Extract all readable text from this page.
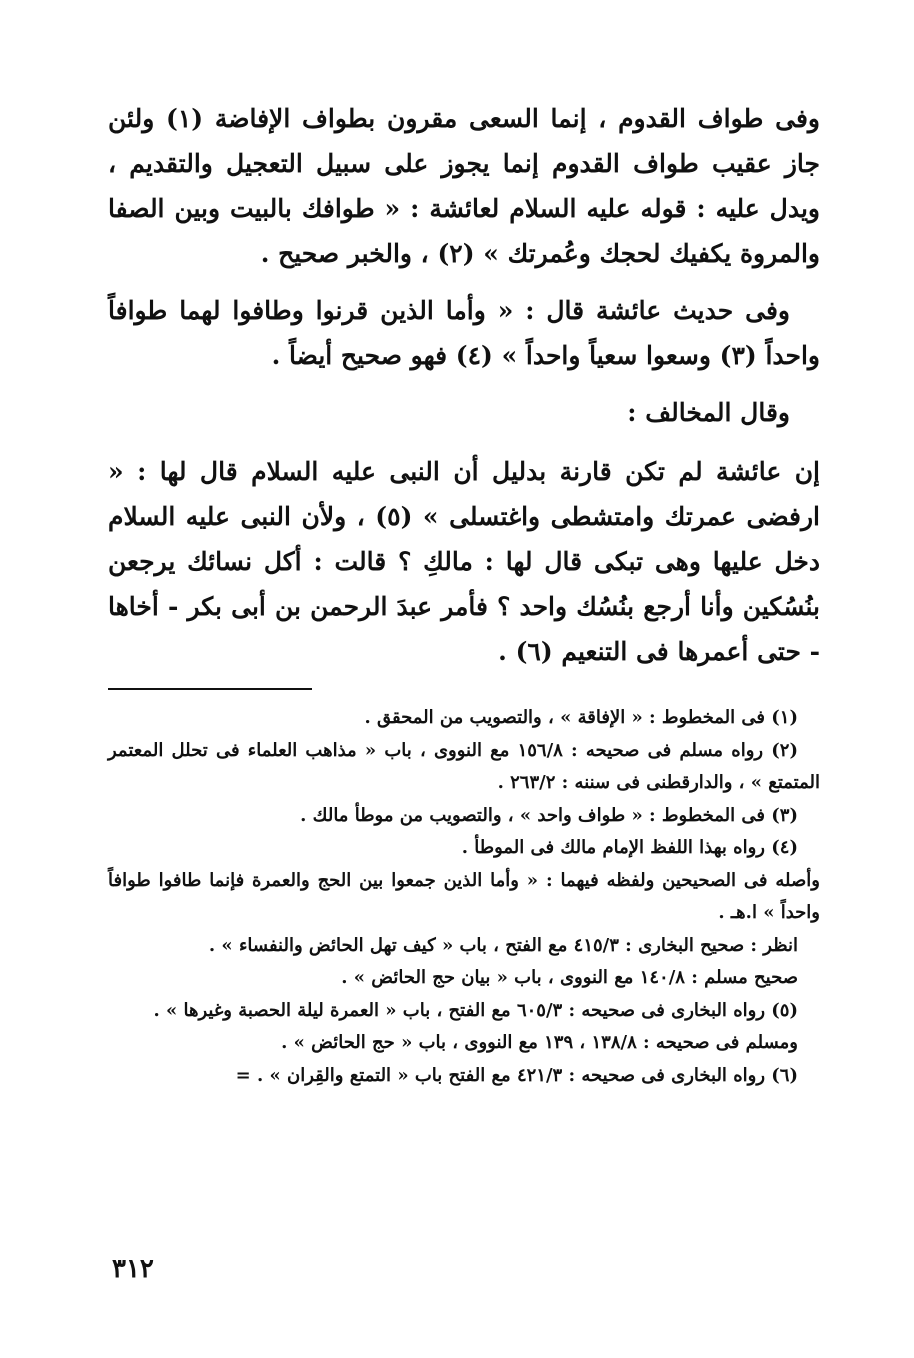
وفى طواف القدوم ، إنما السعى مقرون بطواف الإفاضة (١) ولئن جاز عقيب طواف القدوم إنما يجوز على سبيل التعجيل والتقديم ، ويدل عليه : قوله عليه السلام لعائشة : « طوافك بالبيت وبين الصفا والمروة يكفيك لحجك وعُمرتك » (٢) ، والخبر صحيح .

وفى حديث عائشة قال : « وأما الذين قرنوا وطافوا لهما طوافاً واحداً (٣) وسعوا سعياً واحداً » (٤) فهو صحيح أيضاً .

وقال المخالف :

إن عائشة لم تكن قارنة بدليل أن النبى عليه السلام قال لها : « ارفضى عمرتك وامتشطى واغتسلى » (٥) ، ولأن النبى عليه السلام دخل عليها وهى تبكى قال لها : مالكِ ؟ قالت : أكل نسائك يرجعن بنُسُكين وأنا أرجع بنُسُك واحد ؟ فأمر عبدَ الرحمن بن أبى بكر - أخاها - حتى أعمرها فى التنعيم (٦) .

(١) فى المخطوط : « الإفاقة » ، والتصويب من المحقق .

(٢) رواه مسلم فى صحيحه : ١٥٦/٨ مع النووى ، باب « مذاهب العلماء فى تحلل المعتمر المتمتع » ، والدارقطنى فى سننه : ٢٦٣/٢ .

(٣) فى المخطوط : « طواف واحد » ، والتصويب من موطأ مالك .

(٤) رواه بهذا اللفظ الإمام مالك فى الموطأ .

وأصله فى الصحيحين ولفظه فيهما : « وأما الذين جمعوا بين الحج والعمرة فإنما طافوا طوافاً واحداً » ا.هـ .

انظر : صحيح البخارى : ٤١٥/٣ مع الفتح ، باب « كيف تهل الحائض والنفساء » .

صحيح مسلم : ١٤٠/٨ مع النووى ، باب « بيان حج الحائض » .

(٥) رواه البخارى فى صحيحه : ٦٠٥/٣ مع الفتح ، باب « العمرة ليلة الحصبة وغيرها » .

ومسلم فى صحيحه : ١٣٨/٨ ، ١٣٩ مع النووى ، باب « حج الحائض » .

(٦) رواه البخارى فى صحيحه : ٤٢١/٣ مع الفتح باب « التمتع والقِران » . =

٣١٢
